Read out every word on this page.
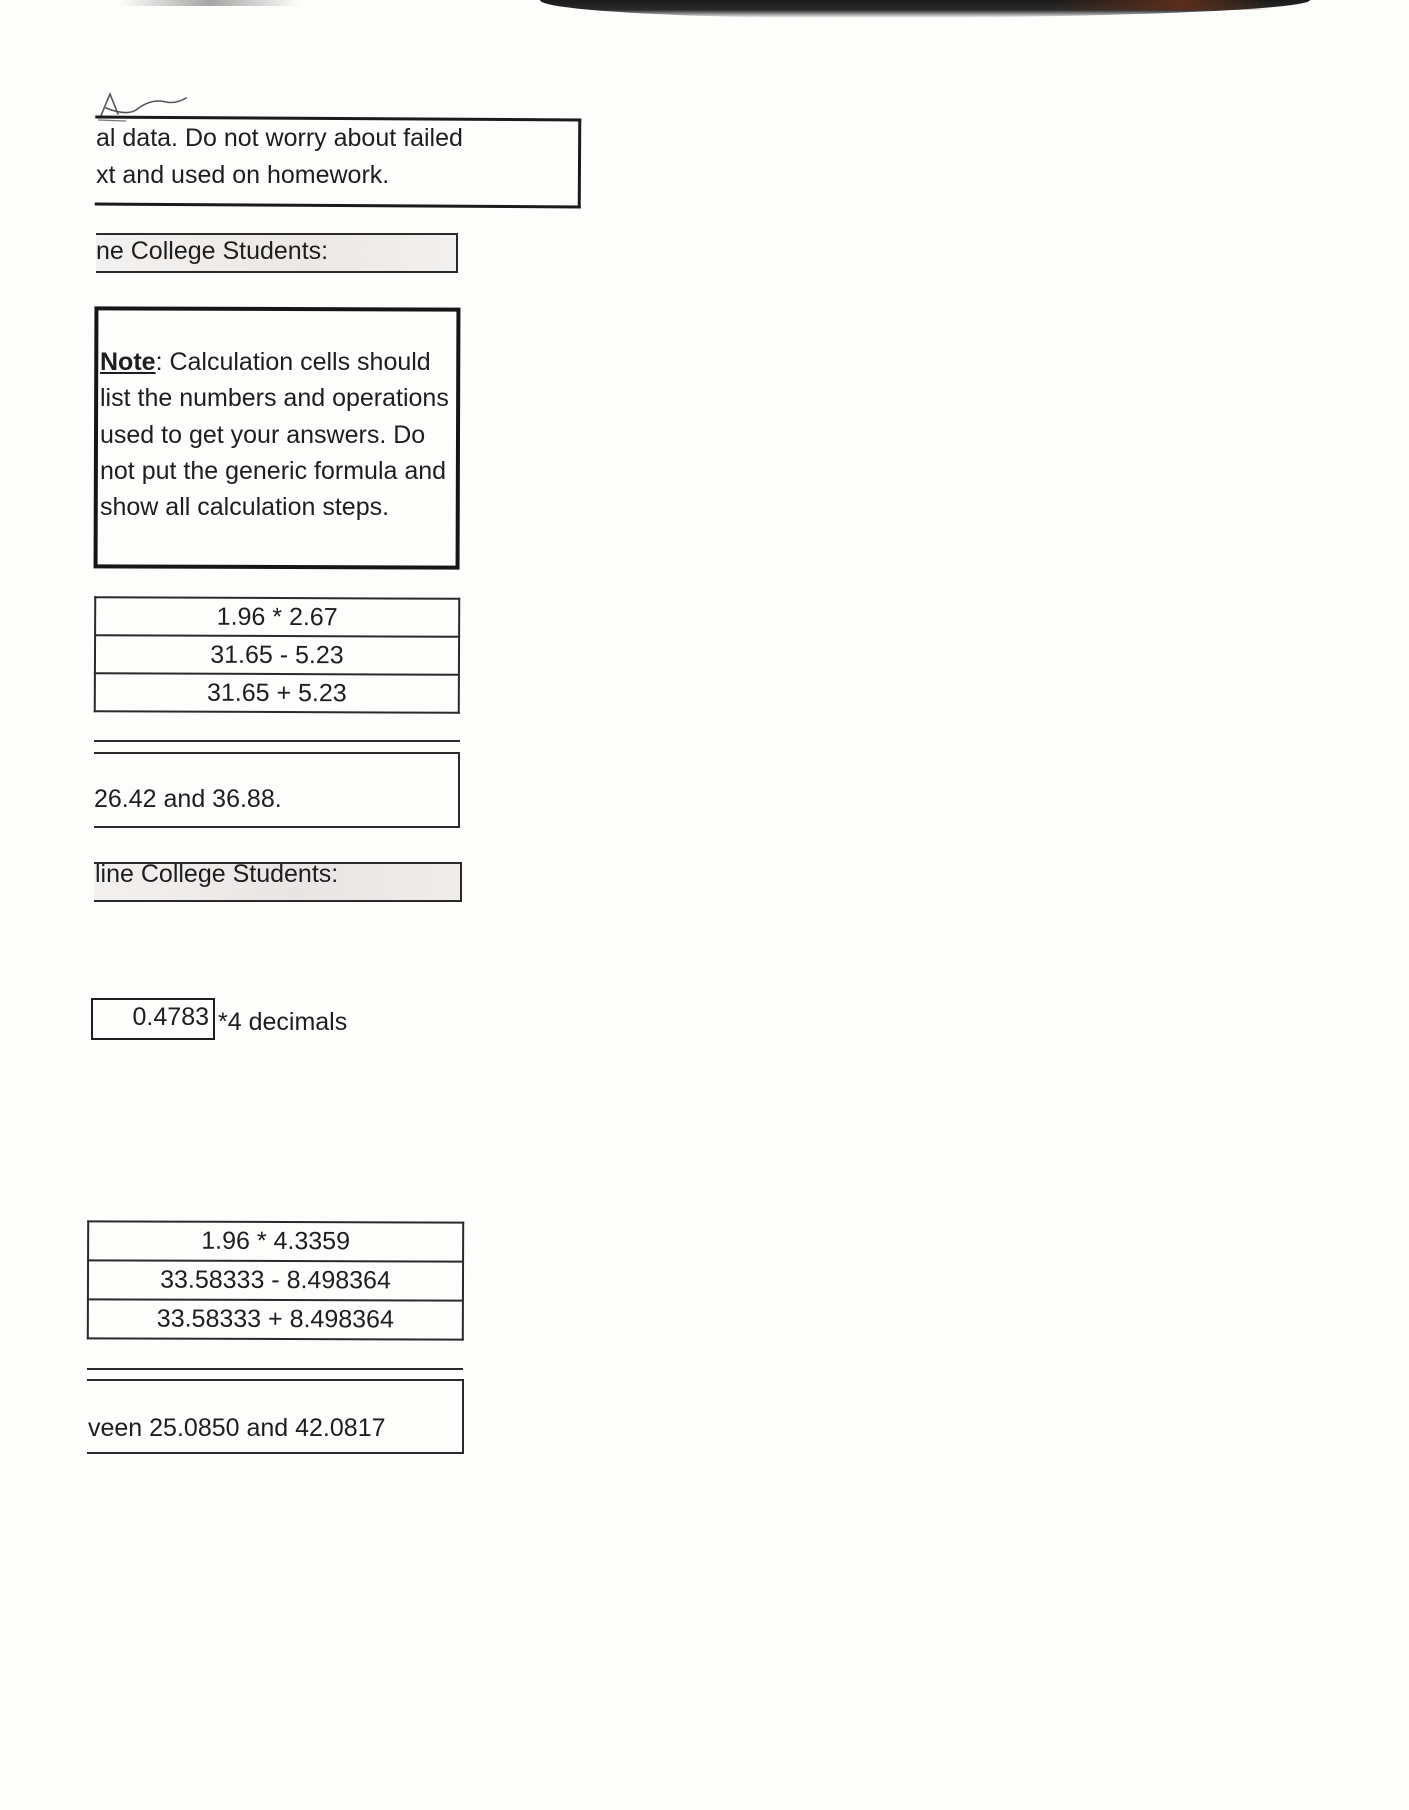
al data. Do not worry about failed
xt and used on homework.
ne College Students:
Note: Calculation cells should
list the numbers and operations
used to get your answers. Do
not put the generic formula and
show all calculation steps.
1.96 * 2.67
31.65 - 5.23
31.65 + 5.23
26.42 and 36.88.
line College Students:
0.4783 *4 decimals
1.96 * 4.3359
33.58333 - 8.498364
33.58333 + 8.498364
veen 25.0850 and 42.0817
